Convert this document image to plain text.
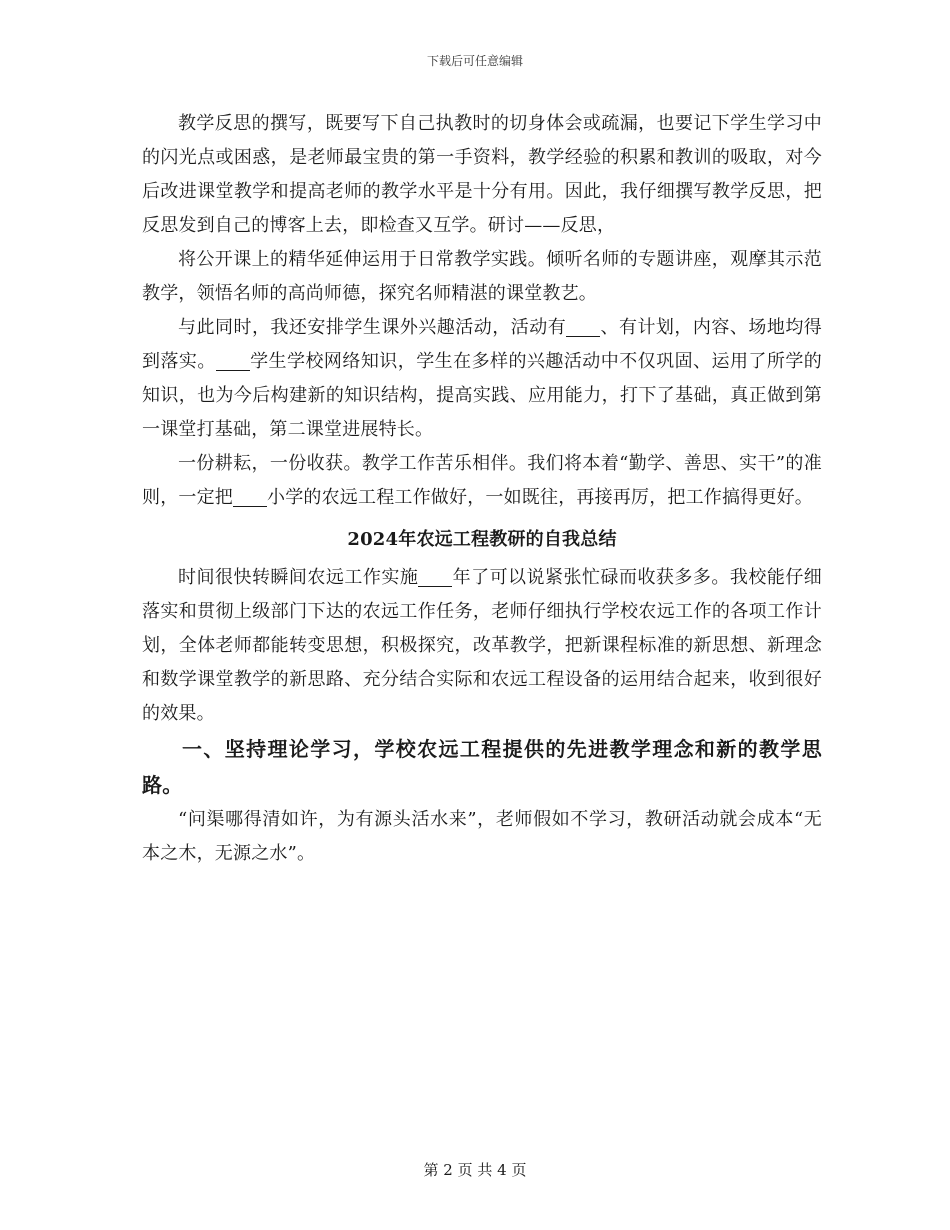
下载后可任意编辑

教学反思的撰写，既要写下自己执教时的切身体会或疏漏，也要记下学生学习中的闪光点或困惑，是老师最宝贵的第一手资料，教学经验的积累和教训的吸取，对今后改进课堂教学和提高老师的教学水平是十分有用。因此，我仔细撰写教学反思，把反思发到自己的博客上去，即检查又互学。研讨——反思，

将公开课上的精华延伸运用于日常教学实践。倾听名师的专题讲座，观摩其示范教学，领悟名师的高尚师德，探究名师精湛的课堂教艺。

与此同时，我还安排学生课外兴趣活动，活动有 、有计划，内容、场地均得到落实。 学生学校网络知识，学生在多样的兴趣活动中不仅巩固、运用了所学的知识，也为今后构建新的知识结构，提高实践、应用能力，打下了基础，真正做到第一课堂打基础，第二课堂进展特长。

一份耕耘，一份收获。教学工作苦乐相伴。我们将本着“勤学、善思、实干”的准则，一定把 小学的农远工程工作做好，一如既往，再接再厉，把工作搞得更好。

2024年农远工程教研的自我总结

时间很快转瞬间农远工作实施 年了可以说紧张忙碌而收获多多。我校能仔细落实和贯彻上级部门下达的农远工作任务，老师仔细执行学校农远工作的各项工作计划，全体老师都能转变思想，积极探究，改革教学，把新课程标准的新思想、新理念和数学课堂教学的新思路、充分结合实际和农远工程设备的运用结合起来，收到很好的效果。

一、坚持理论学习，学校农远工程提供的先进教学理念和新的教学思路。

“问渠哪得清如许，为有源头活水来”，老师假如不学习，教研活动就会成本“无本之木，无源之水”。

第 2 页 共 4 页
